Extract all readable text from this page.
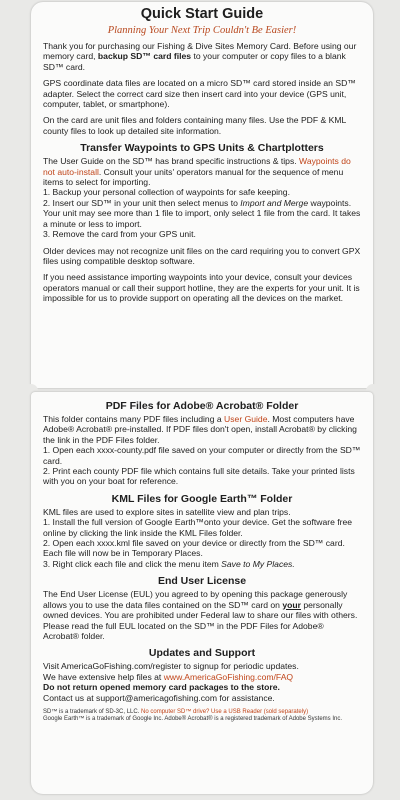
Quick Start Guide
Planning Your Next Trip Couldn't Be Easier!

Thank you for purchasing our Fishing & Dive Sites Memory Card. Before using our memory card, backup SD™ card files to your computer or copy files to a blank SD™ card.

GPS coordinate data files are located on a micro SD™ card stored inside an SD™ adapter. Select the correct card size then insert card into your device (GPS unit, computer, tablet, or smartphone).

On the card are unit files and folders containing many files. Use the PDF & KML county files to look up detailed site information.

Transfer Waypoints to GPS Units & Chartplotters

The User Guide on the SD™ has brand specific instructions & tips. Waypoints do not auto-install. Consult your units' operators manual for the sequence of menu items to select for importing.

1. Backup your personal collection of waypoints for safe keeping.

2. Insert our SD™ in your unit then select menus to Import and Merge waypoints. Your unit may see more than 1 file to import, only select 1 file from the card. It takes a minute or less to import.

3. Remove the card from your GPS unit.

Older devices may not recognize unit files on the card requiring you to convert GPX files using compatible desktop software.

If you need assistance importing waypoints into your device, consult your devices operators manual or call their support hotline, they are the experts for your unit. It is impossible for us to provide support on operating all the devices on the market.

PDF Files for Adobe® Acrobat® Folder

This folder contains many PDF files including a User Guide. Most computers have Adobe® Acrobat® pre-installed. If PDF files don't open, install Acrobat® by clicking the link in the PDF Files folder.

1. Open each xxxx-county.pdf file saved on your computer or directly from the SD™ card.

2. Print each county PDF file which contains full site details. Take your printed lists with you on your boat for reference.

KML Files for Google Earth™ Folder

KML files are used to explore sites in satellite view and plan trips.

1. Install the full version of Google Earth™onto your device. Get the software free online by clicking the link inside the KML Files folder.

2. Open each xxxx.kml file saved on your device or directly from the SD™ card. Each file will now be in Temporary Places.

3. Right click each file and click the menu item Save to My Places.

End User License

The End User License (EUL) you agreed to by opening this package generously allows you to use the data files contained on the SD™ card on your personally owned devices. You are prohibited under Federal law to share our files with others. Please read the full EUL located on the SD™ in the PDF Files for Adobe® Acrobat® folder.

Updates and Support

Visit AmericaGoFishing.com/register to signup for periodic updates.

We have extensive help files at www.AmericaGoFishing.com/FAQ

Do not return opened memory card packages to the store.

Contact us at support@americagofishing.com for assistance.

SD™ is a trademark of SD-3C, LLC. No computer SD™ drive? Use a USB Reader (sold separately)
Google Earth™ is a trademark of Google Inc. Adobe® Acrobat® is a registered trademark of Adobe Systems Inc.
